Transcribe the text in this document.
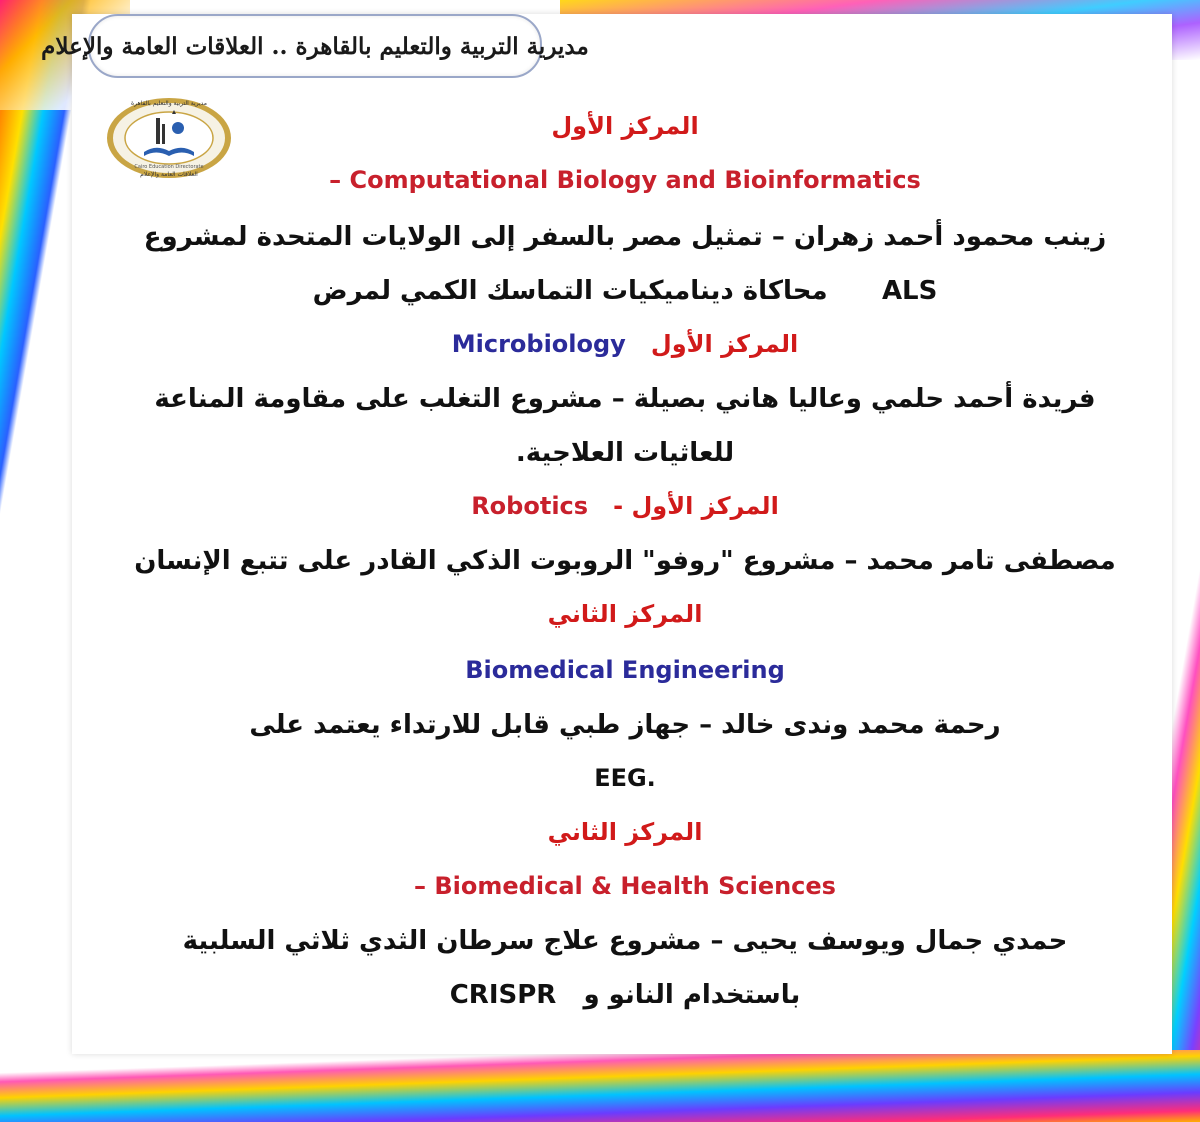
مديرية التربية والتعليم بالقاهرة .. العلاقات العامة والإعلام
مديرية التربية والتعليم بالقاهرة
Cairo Education Directorate
العلاقات العامة والإعلام
المركز الأول
– Computational Biology and Bioinformatics
زينب محمود أحمد زهران – تمثيل مصر بالسفر إلى الولايات المتحدة لمشروع
محاكاة ديناميكيات التماسك الكمي لمرض ALS
Microbiology المركز الأول
فريدة أحمد حلمي وعاليا هاني بصيلة – مشروع التغلب على مقاومة المناعة
للعاثيات العلاجية.
Robotics المركز الأول -
مصطفى تامر محمد – مشروع "روفو" الروبوت الذكي القادر على تتبع الإنسان
المركز الثاني
Biomedical Engineering
رحمة محمد وندى خالد – جهاز طبي قابل للارتداء يعتمد على
EEG.
المركز الثاني
– Biomedical & Health Sciences
حمدي جمال ويوسف يحيى – مشروع علاج سرطان الثدي ثلاثي السلبية
CRISPR باستخدام النانو و
